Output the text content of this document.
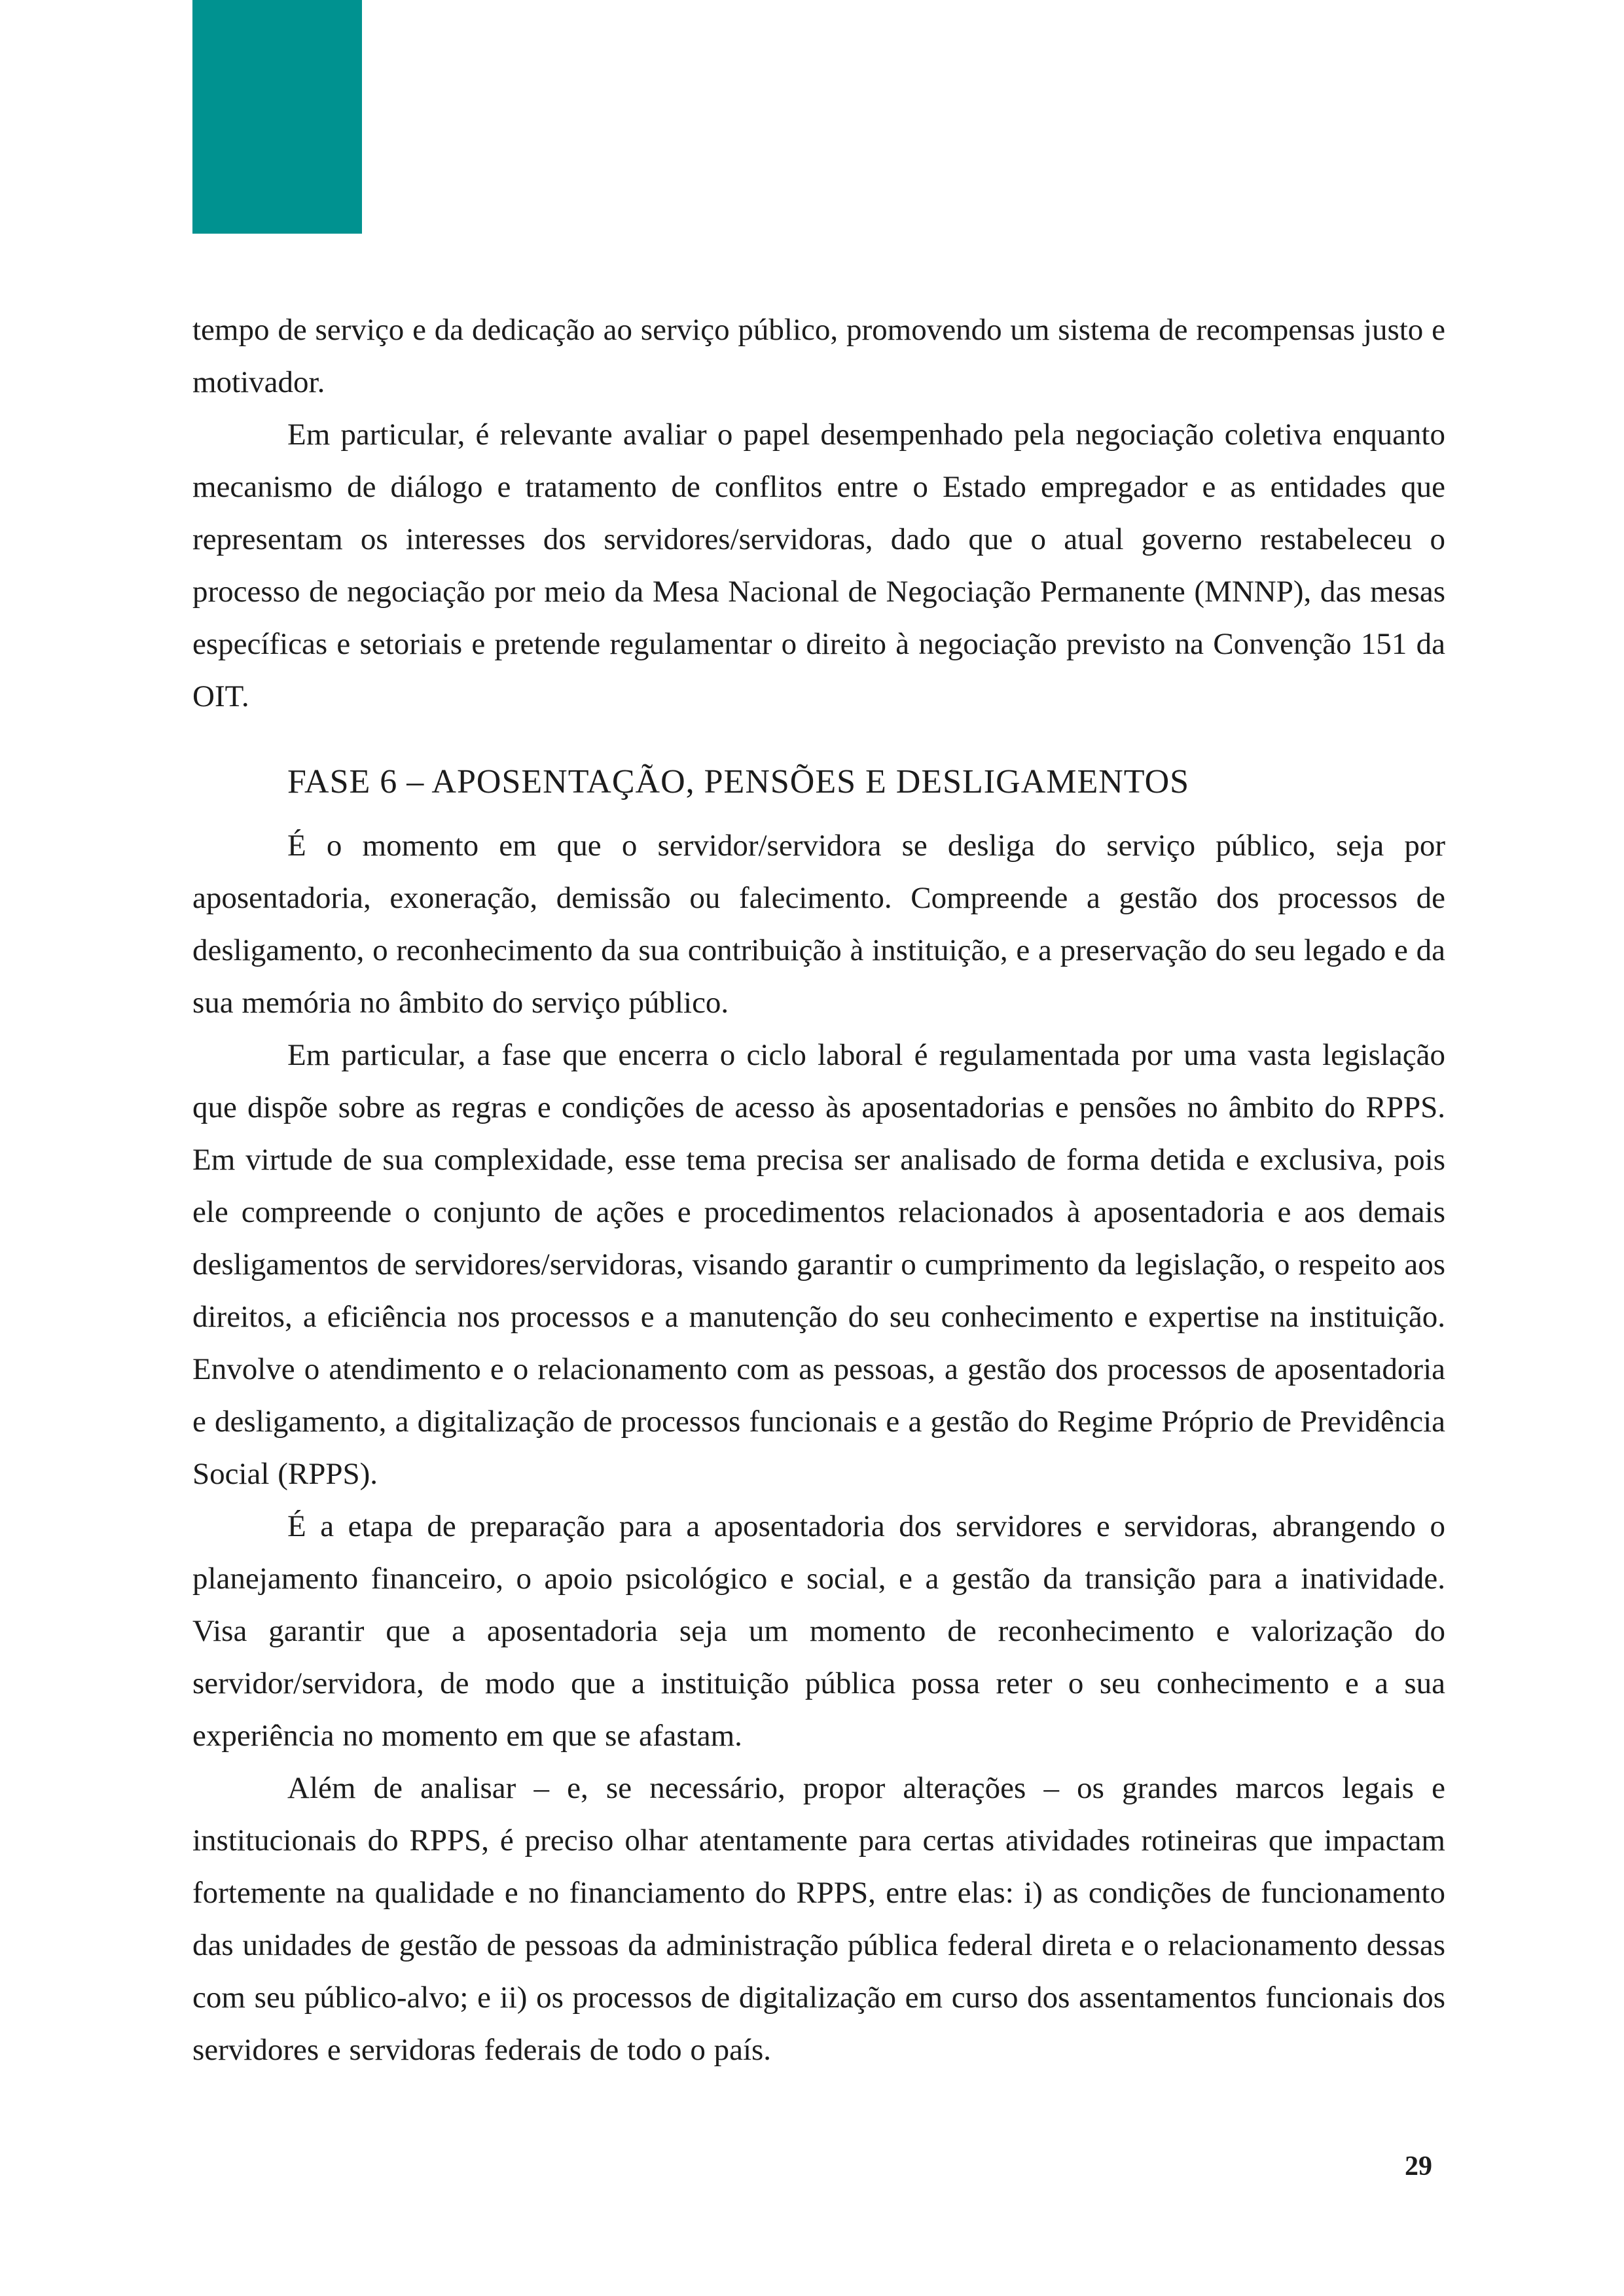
tempo de serviço e da dedicação ao serviço público, promovendo um sistema de recompensas justo e motivador.

Em particular, é relevante avaliar o papel desempenhado pela negociação coletiva enquanto mecanismo de diálogo e tratamento de conflitos entre o Estado empregador e as entidades que representam os interesses dos servidores/servidoras, dado que o atual governo restabeleceu o processo de negociação por meio da Mesa Nacional de Negociação Permanente (MNNP), das mesas específicas e setoriais e pretende regulamentar o direito à negociação previsto na Convenção 151 da OIT.

FASE 6 – APOSENTAÇÃO, PENSÕES E DESLIGAMENTOS

É o momento em que o servidor/servidora se desliga do serviço público, seja por aposentadoria, exoneração, demissão ou falecimento. Compreende a gestão dos processos de desligamento, o reconhecimento da sua contribuição à instituição, e a preservação do seu legado e da sua memória no âmbito do serviço público.

Em particular, a fase que encerra o ciclo laboral é regulamentada por uma vasta legislação que dispõe sobre as regras e condições de acesso às aposentadorias e pensões no âmbito do RPPS. Em virtude de sua complexidade, esse tema precisa ser analisado de forma detida e exclusiva, pois ele compreende o conjunto de ações e procedimentos relacionados à aposentadoria e aos demais desligamentos de servidores/servidoras, visando garantir o cumprimento da legislação, o respeito aos direitos, a eficiência nos processos e a manutenção do seu conhecimento e expertise na instituição. Envolve o atendimento e o relacionamento com as pessoas, a gestão dos processos de aposentadoria e desligamento, a digitalização de processos funcionais e a gestão do Regime Próprio de Previdência Social (RPPS).

É a etapa de preparação para a aposentadoria dos servidores e servidoras, abrangendo o planejamento financeiro, o apoio psicológico e social, e a gestão da transição para a inatividade. Visa garantir que a aposentadoria seja um momento de reconhecimento e valorização do servidor/servidora, de modo que a instituição pública possa reter o seu conhecimento e a sua experiência no momento em que se afastam.

Além de analisar – e, se necessário, propor alterações – os grandes marcos legais e institucionais do RPPS, é preciso olhar atentamente para certas atividades rotineiras que impactam fortemente na qualidade e no financiamento do RPPS, entre elas: i) as condições de funcionamento das unidades de gestão de pessoas da administração pública federal direta e o relacionamento dessas com seu público-alvo; e ii) os processos de digitalização em curso dos assentamentos funcionais dos servidores e servidoras federais de todo o país.

29
